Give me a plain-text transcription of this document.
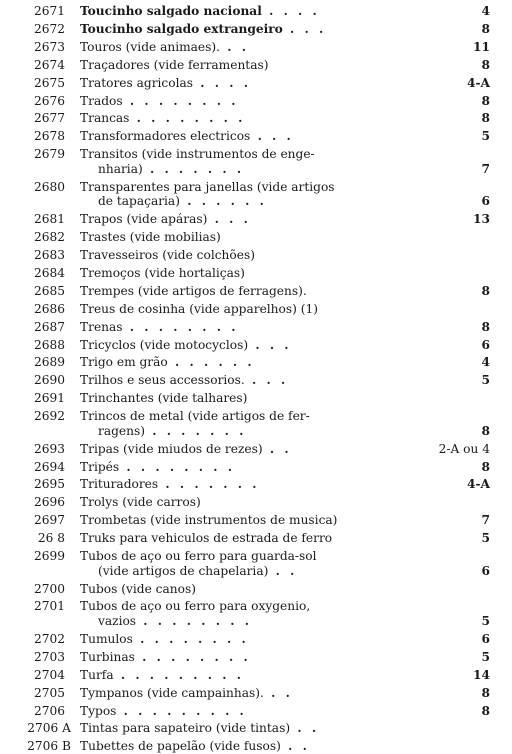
2671 Toucinho salgado nacional . . . .	4
2672 Toucinho salgado extrangeiro . . .	8
2673 Touros (vide animaes). . .	11
2674 Traçadores (vide ferramentas)	8
2675 Tratores agricolas . . . .	4-A
2676 Trados . . . . . . . .	8
2677 Trancas . . . . . . . .	8
2678 Transformadores electricos . . .	5
2679 Transitos (vide instrumentos de enge-
nharia) . . . . . . .	7
2680 Transparentes para janellas (vide artigos
de tapaçaria) . . . . . .	6
2681 Trapos (vide apáras) . . .	13
2682 Trastes (vide mobilias)
2683 Travesseiros (vide colchões)
2684 Tremoços (vide hortaliças)
2685 Trempes (vide artigos de ferragens).	8
2686 Treus de cosinha (vide apparelhos) (1)
2687 Trenas . . . . . . . .	8
2688 Tricyclos (vide motocyclos) . . .	6
2689 Trigo em grão . . . . . .	4
2690 Trilhos e seus accessorios. . . .	5
2691 Trinchantes (vide talhares)
2692 Trincos de metal (vide artigos de fer-
ragens) . . . . . . .	8
2693 Tripas (vide miudos de rezes) . .	2-A ou 4
2694 Tripés . . . . . . . .	8
2695 Trituradores . . . . . . .	4-A
2696 Trolys (vide carros)
2697 Trombetas (vide instrumentos de musica)	7
26 8 Truks para vehiculos de estrada de ferro	5
2699 Tubos de aço ou ferro para guarda-sol
(vide artigos de chapelaria) . .	6
2700 Tubos (vide canos)
2701 Tubos de aço ou ferro para oxygenio,
vazios . . . . . . . .	5
2702 Tumulos . . . . . . . .	6
2703 Turbinas . . . . . . . .	5
2704 Turfa . . . . . . . . .	14
2705 Tympanos (vide campainhas). . .	8
2706 Typos . . . . . . . . .	8
2706 A Tintas para sapateiro (vide tintas) . .
2706 B Tubettes de papelão (vide fusos) . .
